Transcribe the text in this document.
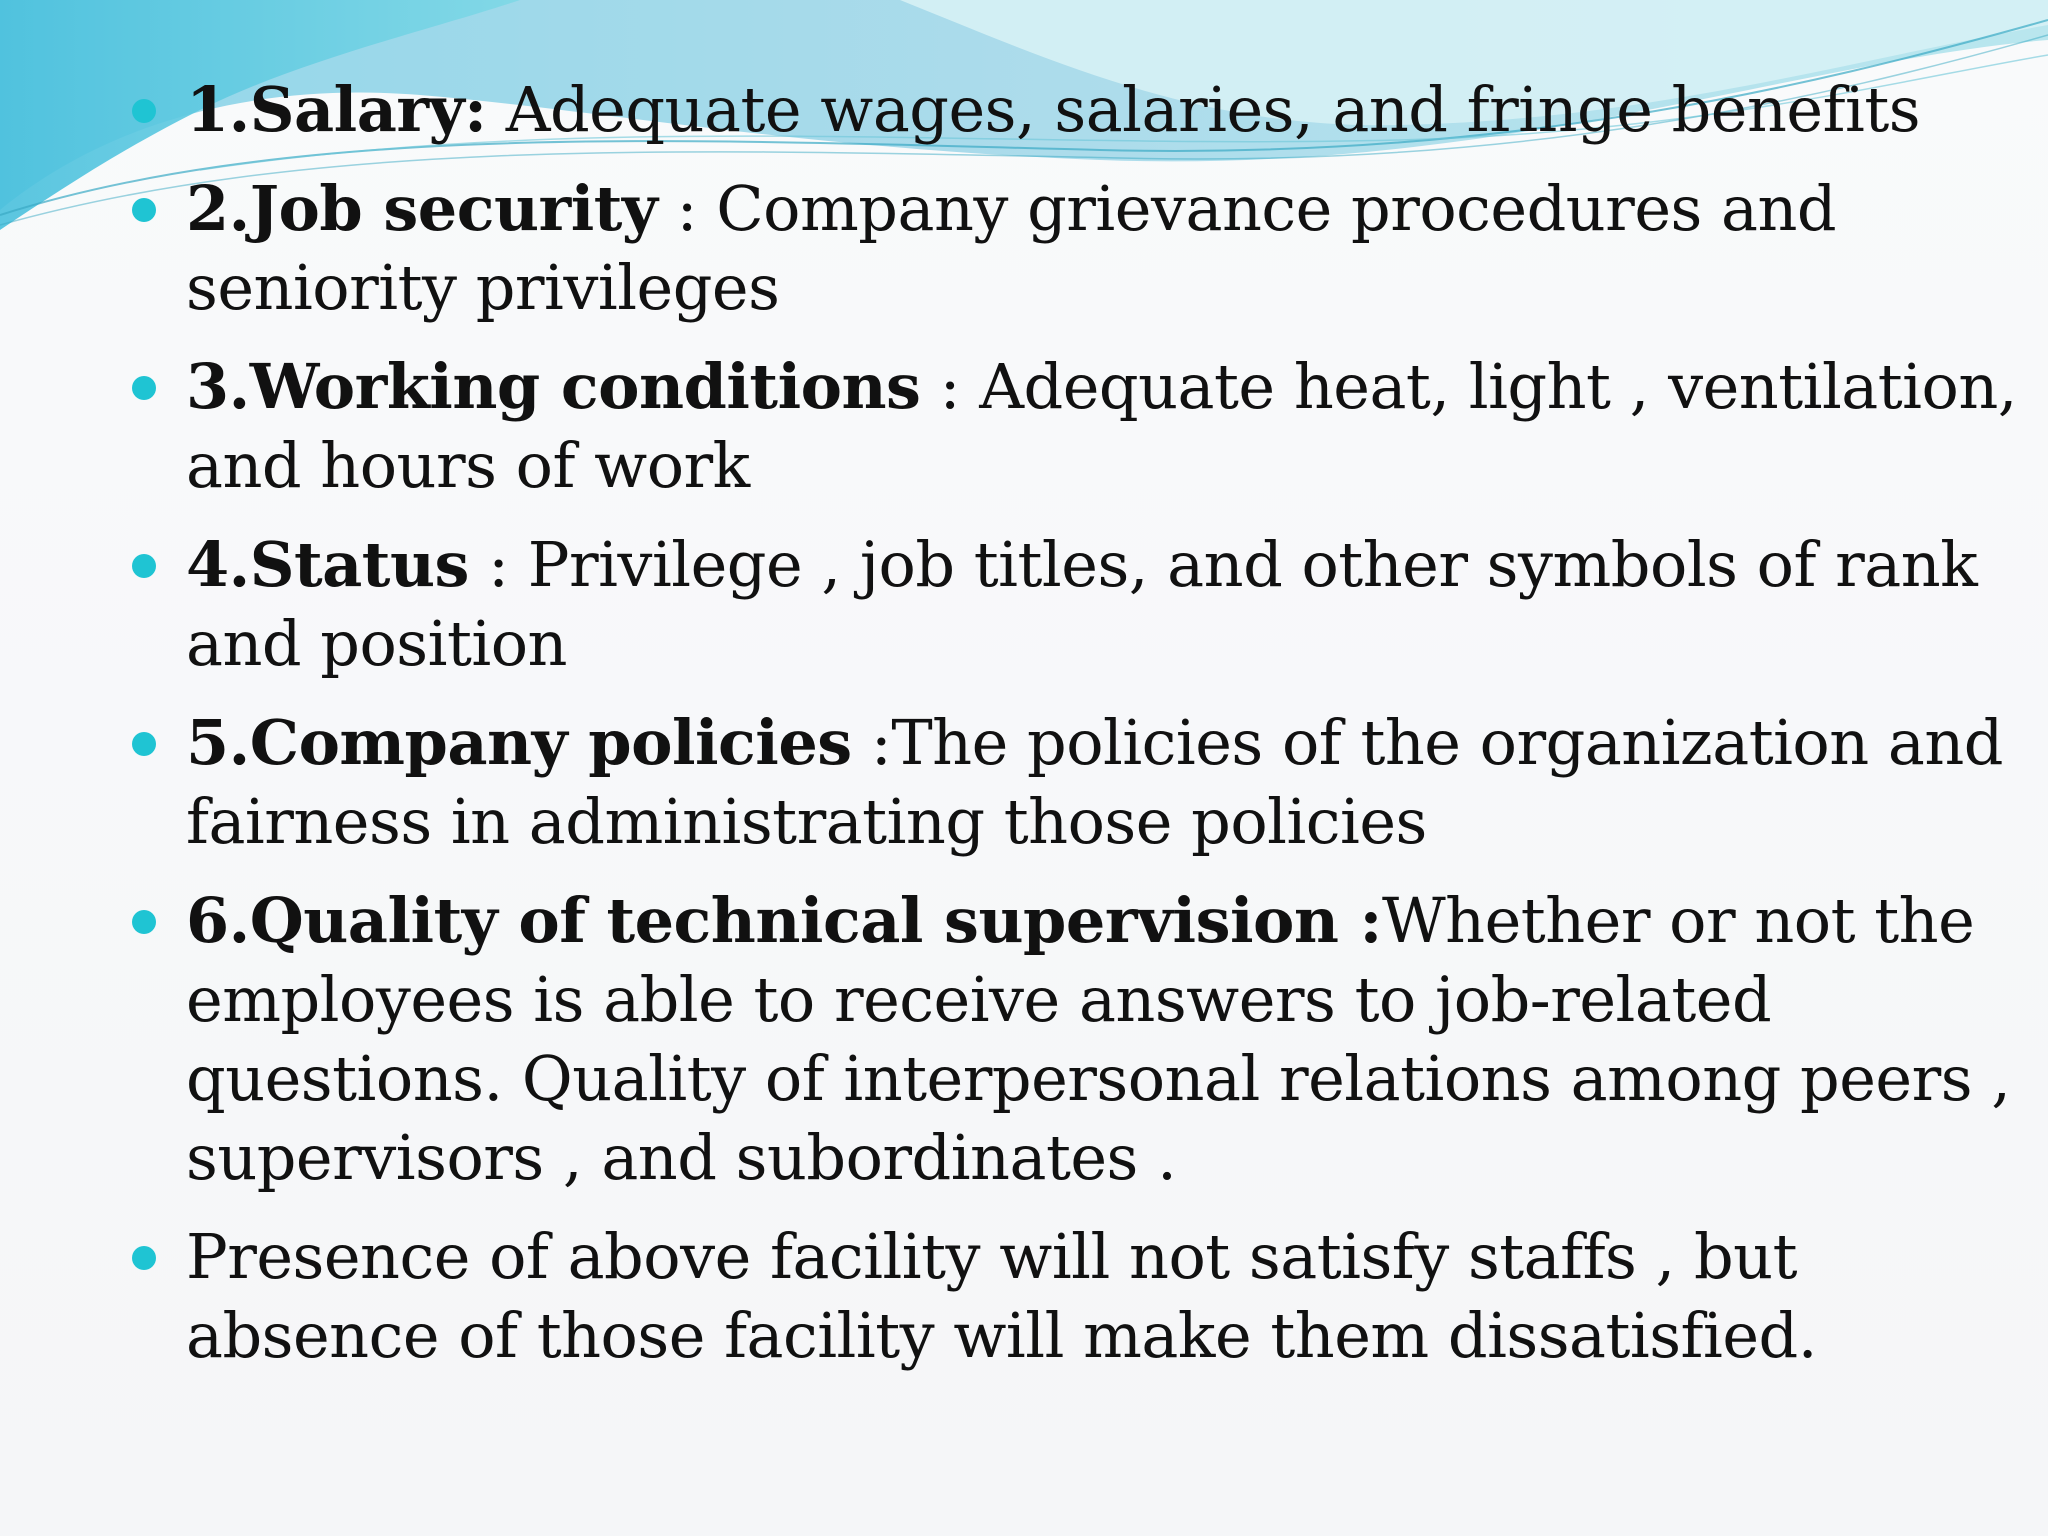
1.Salary: Adequate wages, salaries, and fringe benefits
2.Job security : Company grievance procedures and seniority privileges
3.Working conditions : Adequate heat, light , ventilation, and hours of work
4.Status : Privilege , job titles, and other symbols of rank and position
5.Company policies :The policies of the organization and fairness in administrating those policies
6.Quality of technical supervision :Whether or not the employees is able to receive answers to job-related questions. Quality of interpersonal relations among peers , supervisors , and subordinates .
Presence of above facility will not satisfy staffs , but absence of those facility will make them dissatisfied.
